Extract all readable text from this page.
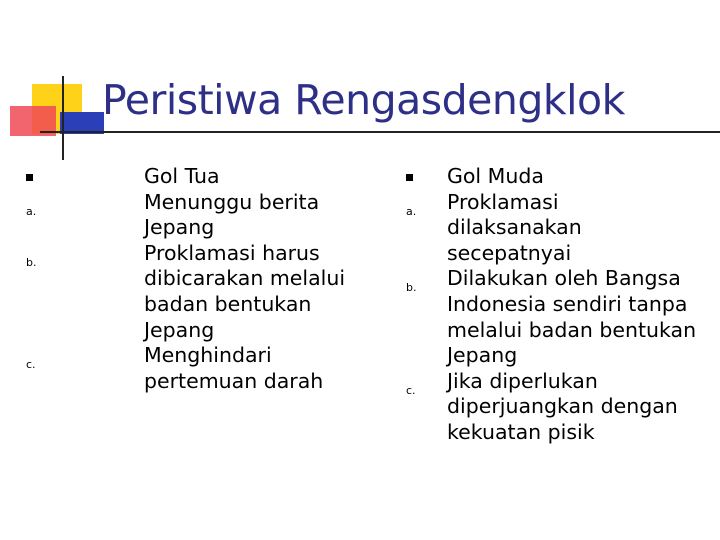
Peristiwa Rengasdengklok
Gol Tua
a.	Menunggu berita Jepang
b.	Proklamasi harus dibicarakan melalui badan bentukan Jepang
c.	Menghindari pertemuan darah
Gol Muda
a. Proklamasi dilaksanakan secepatnyai
b. Dilakukan oleh Bangsa Indonesia sendiri tanpa melalui badan bentukan Jepang
c. Jika diperlukan diperjuangkan dengan kekuatan pisik
